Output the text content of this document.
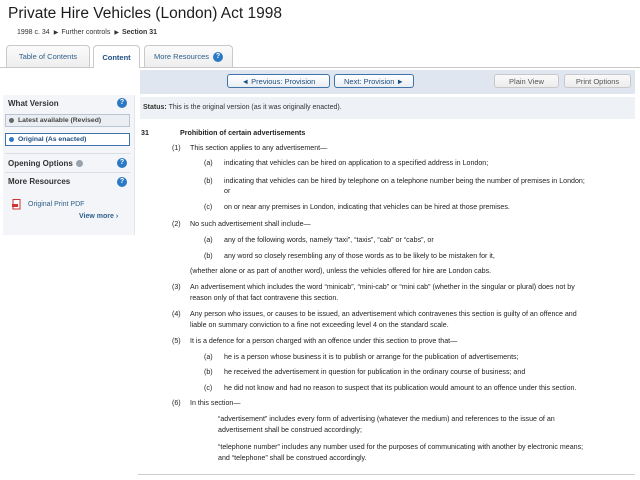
Private Hire Vehicles (London) Act 1998
1998 c. 34 ▶ Further controls ▶ Section 31
Table of Contents	Content	More Resources ?
◄ Previous: Provision	Next: Provision ►	Plain View	Print Options
What Version	?
Latest available (Revised)
Original (As enacted)
Opening Options	?
More Resources	?
Original Print PDF
View more ›
Status: This is the original version (as it was originally enacted).
31	Prohibition of certain advertisements
(1) This section applies to any advertisement—
(a) indicating that vehicles can be hired on application to a specified address in London;
(b) indicating that vehicles can be hired by telephone on a telephone number being the number of premises in London;
or
(c) on or near any premises in London, indicating that vehicles can be hired at those premises.
(2) No such advertisement shall include—
(a) any of the following words, namely “taxi”, “taxis”, “cab” or “cabs”, or
(b) any word so closely resembling any of those words as to be likely to be mistaken for it,
(whether alone or as part of another word), unless the vehicles offered for hire are London cabs.
(3) An advertisement which includes the word “minicab”, “mini-cab” or “mini cab” (whether in the singular or plural) does not by
reason only of that fact contravene this section.
(4) Any person who issues, or causes to be issued, an advertisement which contravenes this section is guilty of an offence and
liable on summary conviction to a fine not exceeding level 4 on the standard scale.
(5) It is a defence for a person charged with an offence under this section to prove that—
(a) he is a person whose business it is to publish or arrange for the publication of advertisements;
(b) he received the advertisement in question for publication in the ordinary course of business; and
(c) he did not know and had no reason to suspect that its publication would amount to an offence under this section.
(6) In this section—
“advertisement” includes every form of advertising (whatever the medium) and references to the issue of an
advertisement shall be construed accordingly;
“telephone number” includes any number used for the purposes of communicating with another by electronic means;
and “telephone” shall be construed accordingly.
